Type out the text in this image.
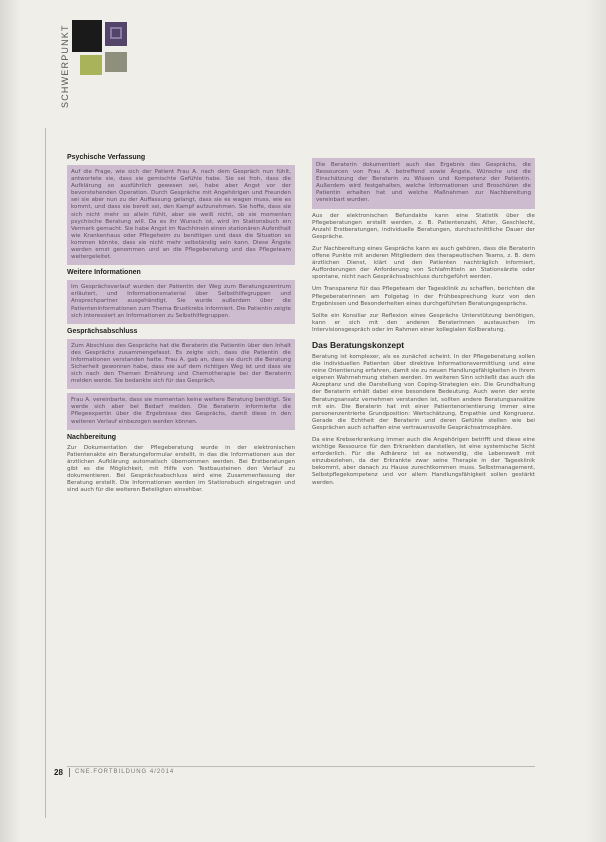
SCHWERPUNKT
Psychische Verfassung

Auf die Frage, wie sich der Patient Frau A. nach dem Gespräch nun fühlt, antwortete sie, dass sie gemischte Gefühle habe. Sie sei froh, dass die Aufklärung so ausführlich gewesen sei, habe aber Angst vor der bevorstehenden Operation. Durch Gespräche mit Angehörigen und Freunden sei sie aber nun zu der Auffassung gelangt, dass sie es wagen muss, wie es kommt, und dass sie bereit sei, den Kampf aufzunehmen. Sie hoffe, dass sie sich nicht mehr so allein fühlt, aber sie weiß nicht, ob sie momentan psychische Beratung will. Da es ihr Wunsch ist, wird im Stationsbuch ein Vermerk gemacht. Sie habe Angst im Nachhinein einen stationären Aufenthalt wie Krankenhaus oder Pflegeheim zu benötigen und dass die Situation so kommen könnte, dass sie nicht mehr selbständig sein kann. Diese Ängste werden ernst genommen und an die Pflegeberatung und das Pflegeteam weitergeleitet.

Weitere Informationen

Im Gesprächsverlauf wurden der Patientin der Weg zum Beratungszentrum erläutert, und Informationsmaterial über Selbsthilfegruppen und Ansprechpartner ausgehändigt. Sie wurde außerdem über die Patienteninformationen zum Thema Brustkrebs informiert. Die Patientin zeigte sich interessiert an Informationen zu Selbsthilfegruppen.

Gesprächsabschluss

Zum Abschluss des Gesprächs hat die Beraterin die Patientin über den Inhalt des Gesprächs zusammengefasst. Es zeigte sich, dass die Patientin die Informationen verstanden hatte. Frau A. gab an, dass sie durch die Beratung Sicherheit gewonnen habe, dass sie auf dem richtigen Weg ist und dass sie sich nach den Themen Ernährung und Chemotherapie bei der Beraterin melden werde. Sie bedankte sich für das Gespräch.

Frau A. vereinbarte, dass sie momentan keine weitere Beratung benötigt. Sie werde sich aber bei Bedarf melden. Die Beraterin informierte die Pflegeexpertin über die Ergebnisse des Gesprächs, damit diese in den weiteren Verlauf einbezogen werden können.

Nachbereitung

Zur Dokumentation der Pflegeberatung wurde in der elektronischen Patientenakte ein Beratungsformular erstellt, in das die Informationen aus der ärztlichen Aufklärung automatisch übernommen werden. Bei Erstberatungen gibt es die Möglichkeit, mit Hilfe von Textbausteinen den Verlauf zu dokumentieren. Bei Gesprächsabschluss wird eine Zusammenfassung der Beratung erstellt. Die Informationen werden im Stationsbuch eingetragen und sind auch für die weiteren Beteiligten einsehbar.

Die Beraterin dokumentiert auch das Ergebnis des Gesprächs, die Ressourcen von Frau A. betreffend sowie Ängste, Wünsche und die Einschätzung der Beraterin zu Wissen und Kompetenz der Patientin. Außerdem wird festgehalten, welche Informationen und Broschüren die Patientin erhalten hat und welche Maßnahmen zur Nachbereitung vereinbart wurden.

Aus der elektronischen Befundakte kann eine Statistik über die Pflegeberatungen erstellt werden, z. B. Patientenzahl, Alter, Geschlecht, Anzahl Erstberatungen, individuelle Beratungen, durchschnittliche Dauer der Gespräche.

Zur Nachbereitung eines Gesprächs kann es auch gehören, dass die Beraterin offene Punkte mit anderen Mitgliedern des therapeutischen Teams, z. B. dem ärztlichen Dienst, klärt und den Patienten nachträglich informiert, Aufforderungen der Anforderung von Schlafmitteln an Stationsärzte oder spontane, nicht nach Gesprächsabschluss durchgeführt werden.

Um Transparenz für das Pflegeteam der Tagesklinik zu schaffen, berichten die Pflegeberaterinnen am Folgetag in der Frühbesprechung kurz von den Ergebnissen und Besonderheiten eines durchgeführten Beratungsgesprächs.

Sollte ein Konsiliar zur Reflexion eines Gesprächs Unterstützung benötigen, kann er sich mit den anderen Beraterinnen austauschen im Intervisionsgespräch oder im Rahmen einer kollegialen Kollberatung.

Das Beratungskonzept

Beratung ist komplexer, als es zunächst scheint. In der Pflegeberatung sollen die individuellen Patienten über direktive Informationsvermittlung und eine reine Orientierung erfahren, damit sie zu neuen Handlungsfähigkeiten in ihrem eigenen Wahrnehmung stehen werden. Im weiteren Sinn schließt das auch die Akzeptanz und die Darstellung von Coping-Strategien ein. Die Grundhaltung der Beraterin erhält dabei eine besondere Bedeutung. Auch wenn der erste Beratungsansatz vernehmen verstanden ist, sollten andere Beratungsansätze mit ein. Die Beraterin hat mit einer Patientenorientierung immer eine personenzentrierte Grundposition: Wertschätzung, Empathie und Kongruenz. Gerade die Echtheit der Beraterin und deren Gefühle stellen wie bei Gesprächen auch schaffen eine vertrauensvolle Gesprächsatmosphäre.

Da eine Krebserkrankung immer auch die Angehörigen betrifft und diese eine wichtige Ressource für den Erkrankten darstellen, ist eine systemische Sicht erforderlich. Für die Adhärenz ist es notwendig, die Lebenswelt mit einzubeziehen, da der Erkrankte zwar seine Therapie in der Tagesklinik bekommt, aber danach zu Hause zurechtkommen muss. Selbstmanagement, Selbstpflegekompetenz und vor allem Handlungsfähigkeit sollen gestärkt werden.

28 CNE.FORTBILDUNG 4/2014
